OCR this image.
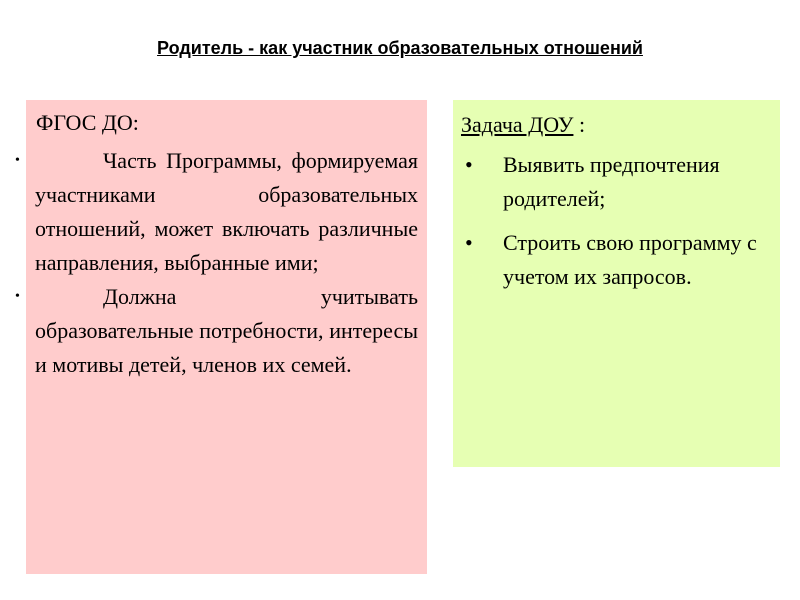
Родитель - как участник образовательных отношений
ФГОС ДО:
•	Часть Программы, формируемая участниками образовательных отношений, может включать различные направления, выбранные ими;
•	Должна учитывать образовательные потребности, интересы и мотивы детей, членов их семей.
Задача ДОУ :
• Выявить предпочтения родителей;
• Строить свою программу с учетом их запросов.
